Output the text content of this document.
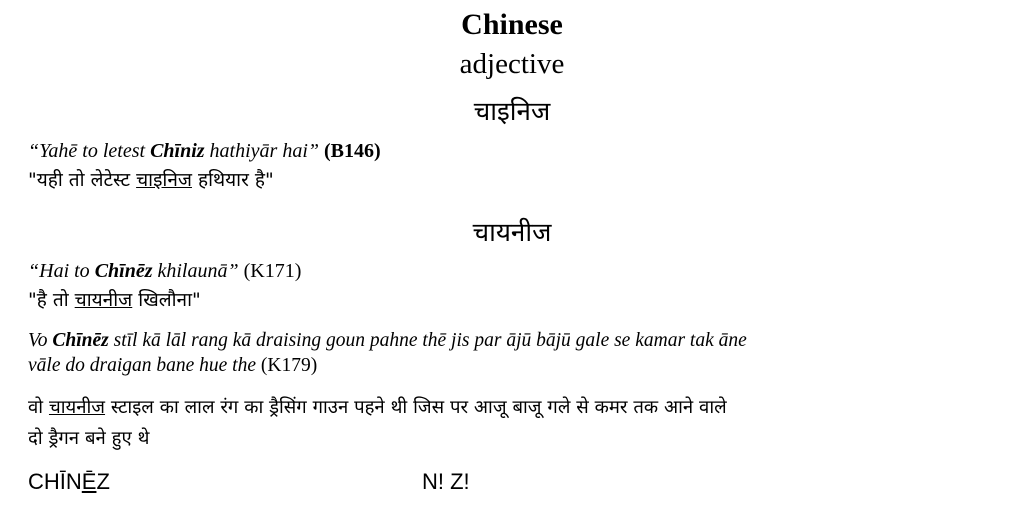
Chinese
adjective
चाइनिज
“Yahē to letest Chīniz hathiyār hai” (B146)
"यही तो लेटेस्ट चाइनिज हथियार है"
चायनीज
“Hai to Chīnēz khilaunā” (K171)
"है तो चायनीज खिलौना"
Vo Chīnēz stīl kā lāl rang kā draising goun pahne thē jis par ājū bājū gale se kamar tak āne
vāle do draigan bane hue the (K179)
वो चायनीज स्टाइल का लाल रंग का ड्रैसिंग गाउन पहने थी जिस पर आजू बाजू गले से कमर तक आने वाले
दो ड्रैगन बने हुए थे
CHĪNĒZ	N! Z!
